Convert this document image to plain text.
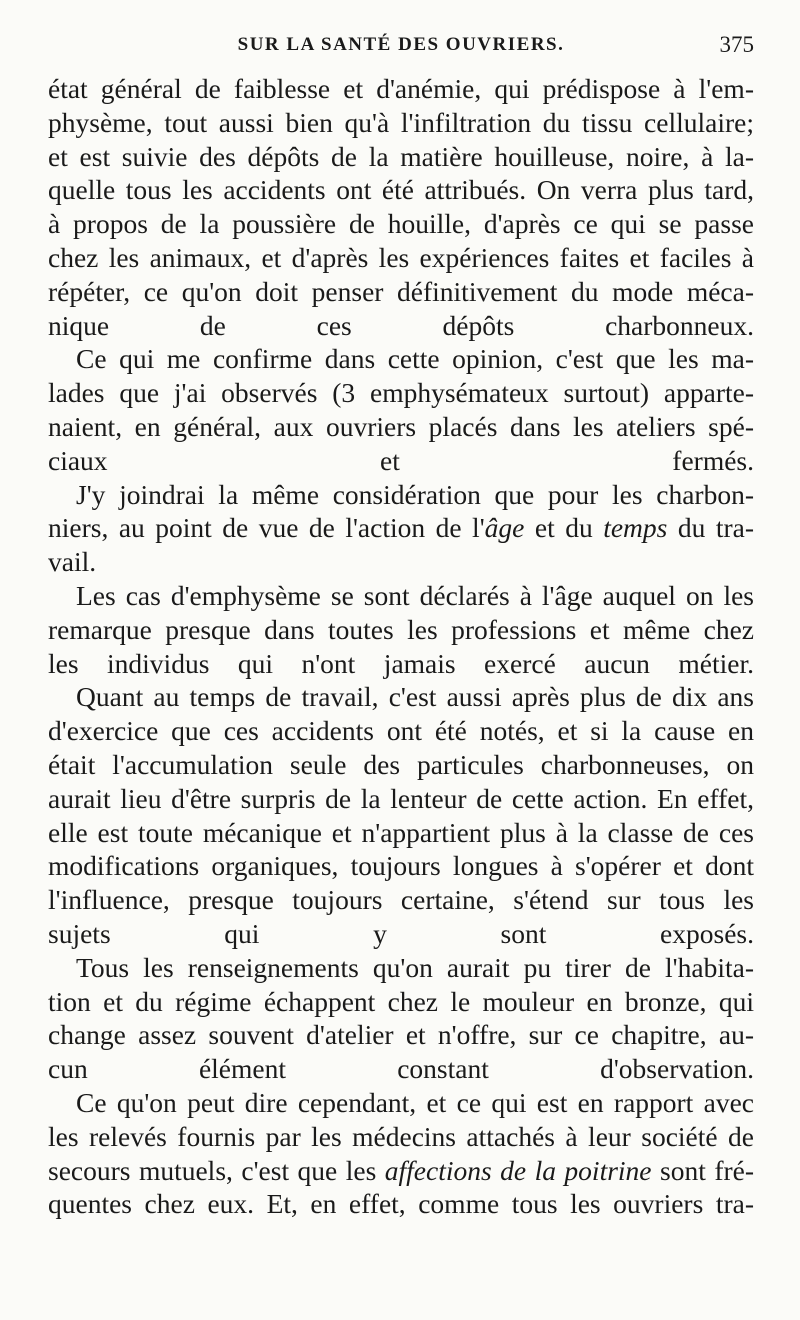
SUR LA SANTÉ DES OUVRIERS.	375
état général de faiblesse et d'anémie, qui prédispose à l'em-
physème, tout aussi bien qu'à l'infiltration du tissu cellulaire;
et est suivie des dépôts de la matière houilleuse, noire, à la-
quelle tous les accidents ont été attribués. On verra plus tard,
à propos de la poussière de houille, d'après ce qui se passe
chez les animaux, et d'après les expériences faites et faciles à
répéter, ce qu'on doit penser définitivement du mode méca-
nique de ces dépôts charbonneux.
Ce qui me confirme dans cette opinion, c'est que les ma-
lades que j'ai observés (3 emphysémateux surtout) apparte-
naient, en général, aux ouvriers placés dans les ateliers spé-
ciaux et fermés.
J'y joindrai la même considération que pour les charbon-
niers, au point de vue de l'action de l'âge et du temps du tra-
vail.
Les cas d'emphysème se sont déclarés à l'âge auquel on les
remarque presque dans toutes les professions et même chez
les individus qui n'ont jamais exercé aucun métier.
Quant au temps de travail, c'est aussi après plus de dix ans
d'exercice que ces accidents ont été notés, et si la cause en
était l'accumulation seule des particules charbonneuses, on
aurait lieu d'être surpris de la lenteur de cette action. En effet,
elle est toute mécanique et n'appartient plus à la classe de ces
modifications organiques, toujours longues à s'opérer et dont
l'influence, presque toujours certaine, s'étend sur tous les
sujets qui y sont exposés.
Tous les renseignements qu'on aurait pu tirer de l'habita-
tion et du régime échappent chez le mouleur en bronze, qui
change assez souvent d'atelier et n'offre, sur ce chapitre, au-
cun élément constant d'observation.
Ce qu'on peut dire cependant, et ce qui est en rapport avec
les relevés fournis par les médecins attachés à leur société de
secours mutuels, c'est que les affections de la poitrine sont fré-
quentes chez eux. Et, en effet, comme tous les ouvriers tra-
